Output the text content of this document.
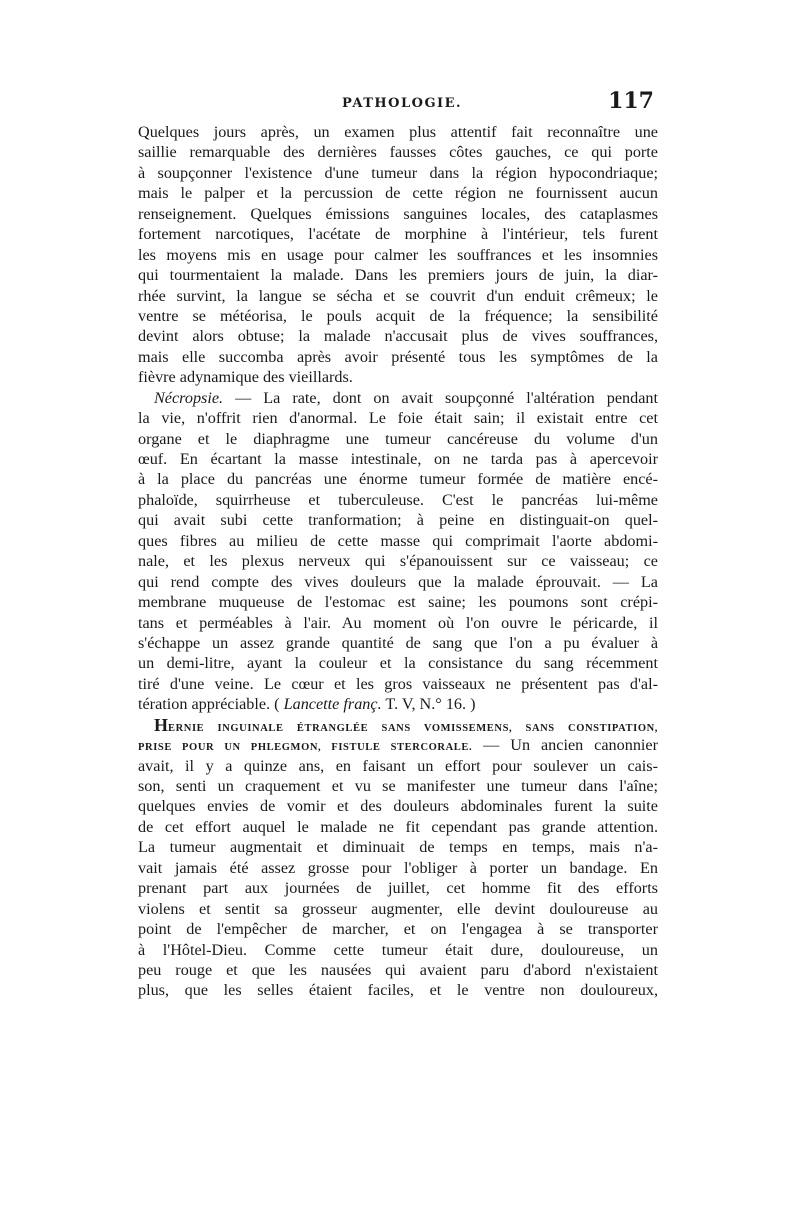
PATHOLOGIE.	117
Quelques jours après, un examen plus attentif fait reconnaître une
saillie remarquable des dernières fausses côtes gauches, ce qui porte
à soupçonner l'existence d'une tumeur dans la région hypocondriaque;
mais le palper et la percussion de cette région ne fournissent aucun
renseignement. Quelques émissions sanguines locales, des cataplasmes
fortement narcotiques, l'acétate de morphine à l'intérieur, tels furent
les moyens mis en usage pour calmer les souffrances et les insomnies
qui tourmentaient la malade. Dans les premiers jours de juin, la diar-
rhée survint, la langue se sécha et se couvrit d'un enduit crêmeux; le
ventre se météorisa, le pouls acquit de la fréquence; la sensibilité
devint alors obtuse; la malade n'accusait plus de vives souffrances,
mais elle succomba après avoir présenté tous les symptômes de la
fièvre adynamique des vieillards.
Nécropsie. — La rate, dont on avait soupçonné l'altération pendant
la vie, n'offrit rien d'anormal. Le foie était sain; il existait entre cet
organe et le diaphragme une tumeur cancéreuse du volume d'un
œuf. En écartant la masse intestinale, on ne tarda pas à apercevoir
à la place du pancréas une énorme tumeur formée de matière encé-
phaloïde, squirrheuse et tuberculeuse. C'est le pancréas lui-même
qui avait subi cette tranformation; à peine en distinguait-on quel-
ques fibres au milieu de cette masse qui comprimait l'aorte abdomi-
nale, et les plexus nerveux qui s'épanouissent sur ce vaisseau; ce
qui rend compte des vives douleurs que la malade éprouvait. — La
membrane muqueuse de l'estomac est saine; les poumons sont crépi-
tans et perméables à l'air. Au moment où l'on ouvre le péricarde, il
s'échappe un assez grande quantité de sang que l'on a pu évaluer à
un demi-litre, ayant la couleur et la consistance du sang récemment
tiré d'une veine. Le cœur et les gros vaisseaux ne présentent pas d'al-
tération appréciable. ( Lancette franç. T. V, N.° 16. )
HERNIE INGUINALE ÉTRANGLÉE SANS VOMISSEMENS, SANS CONSTIPATION,
PRISE POUR UN PHLEGMON, FISTULE STERCORALE. — Un ancien canonnier
avait, il y a quinze ans, en faisant un effort pour soulever un cais-
son, senti un craquement et vu se manifester une tumeur dans l'aîne;
quelques envies de vomir et des douleurs abdominales furent la suite
de cet effort auquel le malade ne fit cependant pas grande attention.
La tumeur augmentait et diminuait de temps en temps, mais n'a-
vait jamais été assez grosse pour l'obliger à porter un bandage. En
prenant part aux journées de juillet, cet homme fit des efforts
violens et sentit sa grosseur augmenter, elle devint douloureuse au
point de l'empêcher de marcher, et on l'engagea à se transporter
à l'Hôtel-Dieu. Comme cette tumeur était dure, douloureuse, un
peu rouge et que les nausées qui avaient paru d'abord n'existaient
plus, que les selles étaient faciles, et le ventre non douloureux,
